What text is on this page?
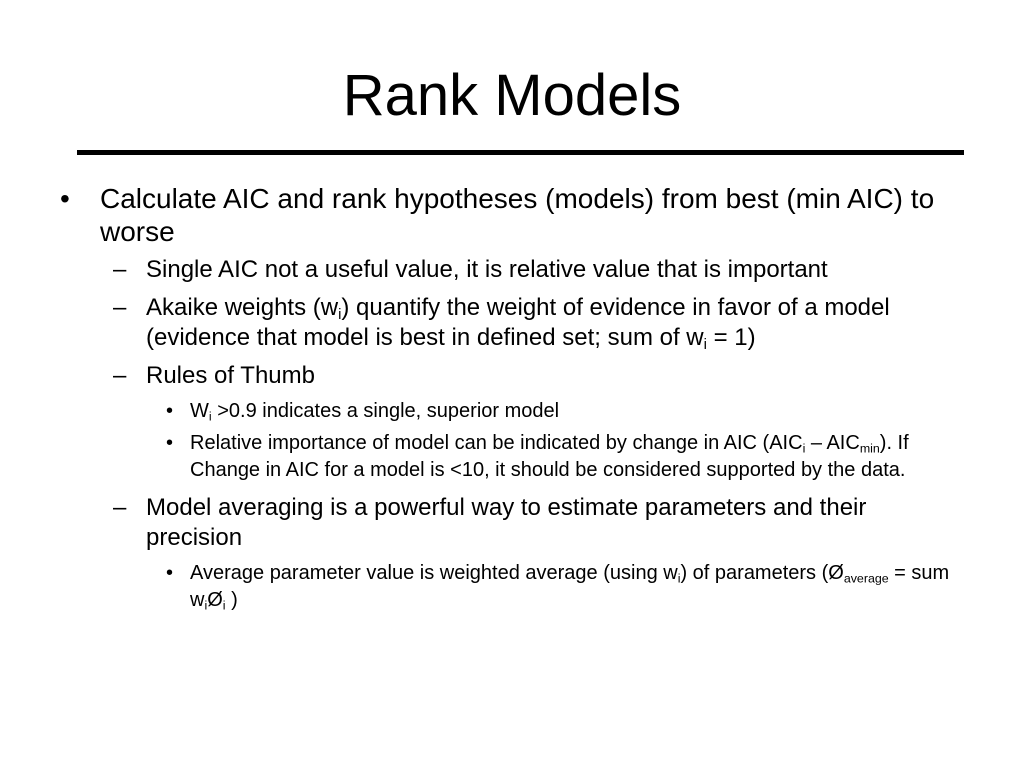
Rank Models
• Calculate AIC and rank hypotheses (models) from best (min AIC) to worse
– Single AIC not a useful value, it is relative value that is important
– Akaike weights $(w_i)$ quantify the weight of evidence in favor of a model (evidence that model is best in defined set; sum of $w_i = 1$)
– Rules of Thumb
• $W_i >0.9$ indicates a single, superior model
• Relative importance of model can be indicated by change in AIC $(AIC_i - AIC_{min})$. If Change in AIC for a model is <10, it should be considered supported by the data.
– Model averaging is a powerful way to estimate parameters and their precision
• Average parameter value is weighted average (using $w_i$) of parameters ($Ø_{average}$ = sum $w_iØ_i$ )
